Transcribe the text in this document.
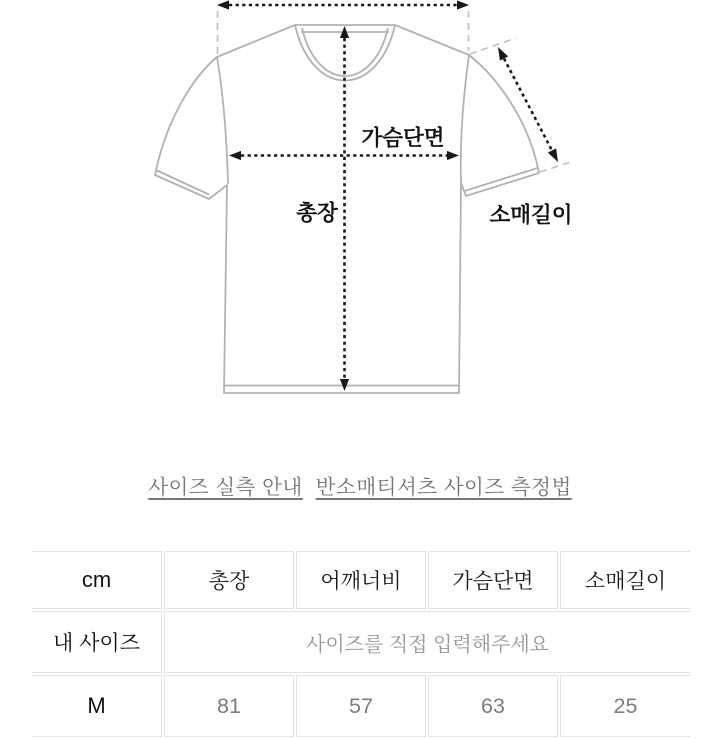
가슴단면
총장	소매길이
사이즈 실측 안내 반소매티셔츠 사이즈 측정법
cm	총장	어깨너비	가슴단면	소매길이
내 사이즈	사이즈를 직접 입력해주세요			
M	81	57	63	25
